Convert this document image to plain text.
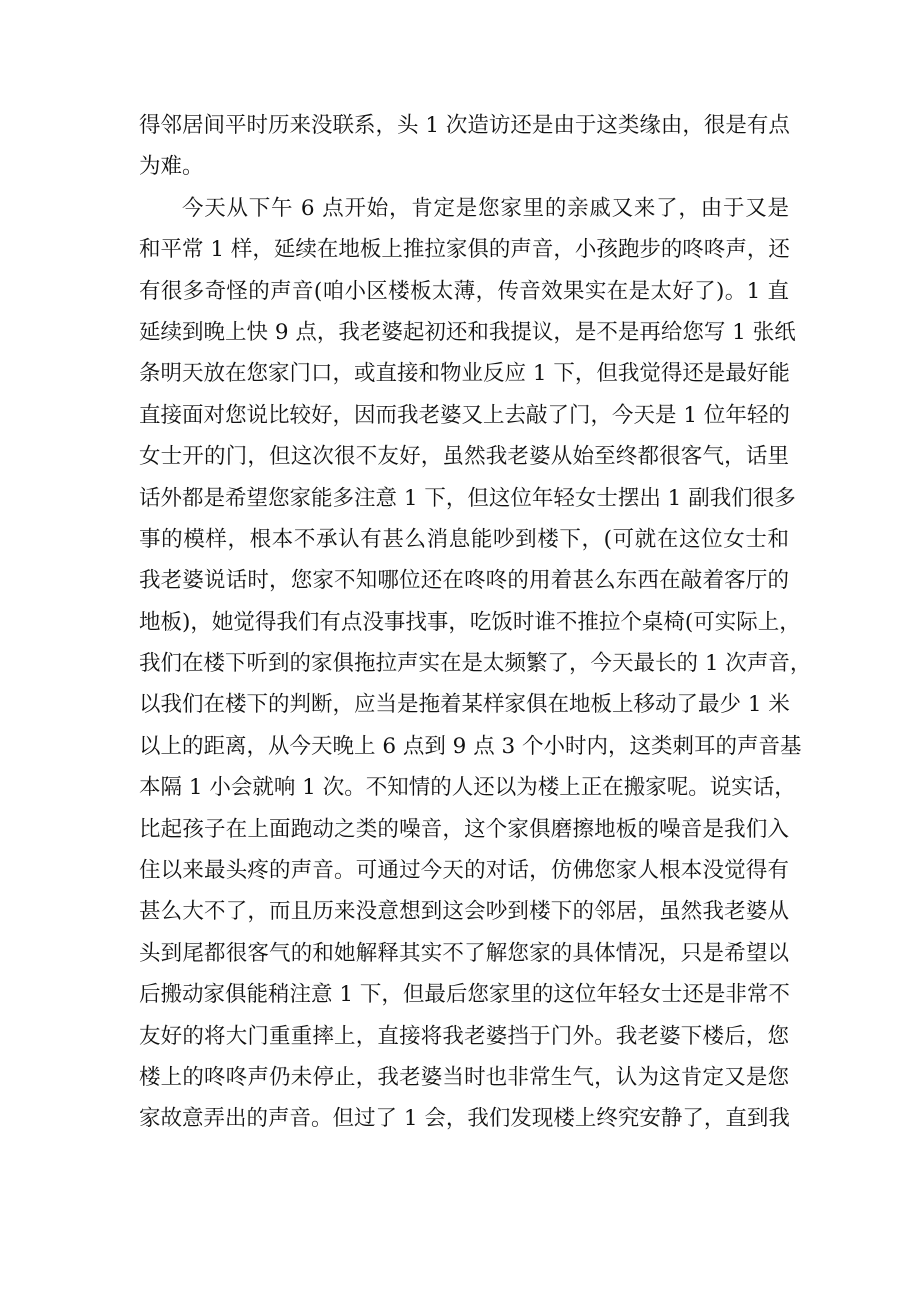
得邻居间平时历来没联系，头 1 次造访还是由于这类缘由，很是有点
为难。
今天从下午 6 点开始，肯定是您家里的亲戚又来了，由于又是
和平常 1 样，延续在地板上推拉家俱的声音，小孩跑步的咚咚声，还
有很多奇怪的声音(咱小区楼板太薄，传音效果实在是太好了)。1 直
延续到晚上快 9 点，我老婆起初还和我提议，是不是再给您写 1 张纸
条明天放在您家门口，或直接和物业反应 1 下，但我觉得还是最好能
直接面对您说比较好，因而我老婆又上去敲了门，今天是 1 位年轻的
女士开的门，但这次很不友好，虽然我老婆从始至终都很客气，话里
话外都是希望您家能多注意 1 下，但这位年轻女士摆出 1 副我们很多
事的模样，根本不承认有甚么消息能吵到楼下，(可就在这位女士和
我老婆说话时，您家不知哪位还在咚咚的用着甚么东西在敲着客厅的
地板)，她觉得我们有点没事找事，吃饭时谁不推拉个桌椅(可实际上，
我们在楼下听到的家俱拖拉声实在是太频繁了，今天最长的 1 次声音，
以我们在楼下的判断，应当是拖着某样家俱在地板上移动了最少 1 米
以上的距离，从今天晚上 6 点到 9 点 3 个小时内，这类刺耳的声音基
本隔 1 小会就响 1 次。不知情的人还以为楼上正在搬家呢。说实话，
比起孩子在上面跑动之类的噪音，这个家俱磨擦地板的噪音是我们入
住以来最头疼的声音。可通过今天的对话，仿佛您家人根本没觉得有
甚么大不了，而且历来没意想到这会吵到楼下的邻居，虽然我老婆从
头到尾都很客气的和她解释其实不了解您家的具体情况，只是希望以
后搬动家俱能稍注意 1 下，但最后您家里的这位年轻女士还是非常不
友好的将大门重重摔上，直接将我老婆挡于门外。我老婆下楼后，您
楼上的咚咚声仍未停止，我老婆当时也非常生气，认为这肯定又是您
家故意弄出的声音。但过了 1 会，我们发现楼上终究安静了，直到我
